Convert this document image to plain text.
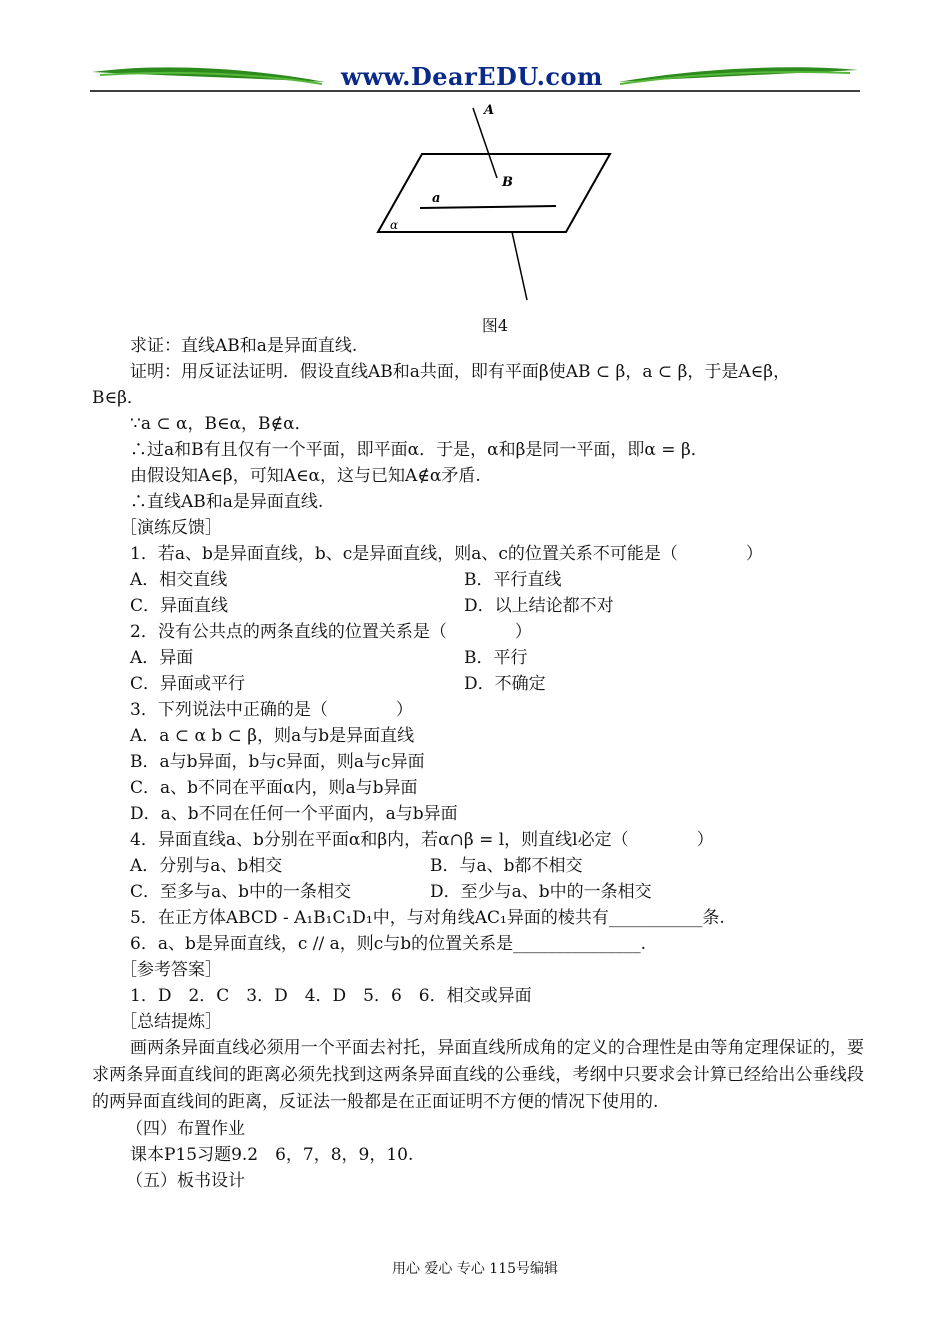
www.DearEDU.com
A
B
a
α
图4
求证：直线AB和a是异面直线.
证明：用反证法证明．假设直线AB和a共面，即有平面β使AB ⊂ β，a ⊂ β，于是A∈β，
B∈β．
∵a ⊂ α，B∈α，B∉α．
∴过a和B有且仅有一个平面，即平面α．于是，α和β是同一平面，即α = β．
由假设知A∈β，可知A∈α，这与已知A∉α矛盾.
∴直线AB和a是异面直线.
［演练反馈］
1．若a、b是异面直线，b、c是异面直线，则a、c的位置关系不可能是（　　　　）
A．相交直线	B．平行直线
C．异面直线	D．以上结论都不对
2．没有公共点的两条直线的位置关系是（　　　　）
A．异面	B．平行
C．异面或平行	D．不确定
3．下列说法中正确的是（　　　　）
A．a ⊂ α b ⊂ β，则a与b是异面直线
B．a与b异面，b与c异面，则a与c异面
C．a、b不同在平面α内，则a与b异面
D．a、b不同在任何一个平面内，a与b异面
4．异面直线a、b分别在平面α和β内，若α∩β = l，则直线l必定（　　　　）
A．分别与a、b相交	B．与a、b都不相交
C．至多与a、b中的一条相交	D．至少与a、b中的一条相交
5．在正方体ABCD - A₁B₁C₁D₁中，与对角线AC₁异面的棱共有___________条.
6．a、b是异面直线，c // a，则c与b的位置关系是_______________.
［参考答案］
1．D　2．C　3．D　4．D　5．6　6．相交或异面
［总结提炼］
画两条异面直线必须用一个平面去衬托，异面直线所成角的定义的合理性是由等角定理保证的，要求两条异面直线间的距离必须先找到这两条异面直线的公垂线，考纲中只要求会计算已经给出公垂线段的两异面直线间的距离，反证法一般都是在正面证明不方便的情况下使用的.
（四）布置作业
课本P15习题9.2　6，7，8，9，10.
（五）板书设计
用心 爱心 专心 115号编辑
